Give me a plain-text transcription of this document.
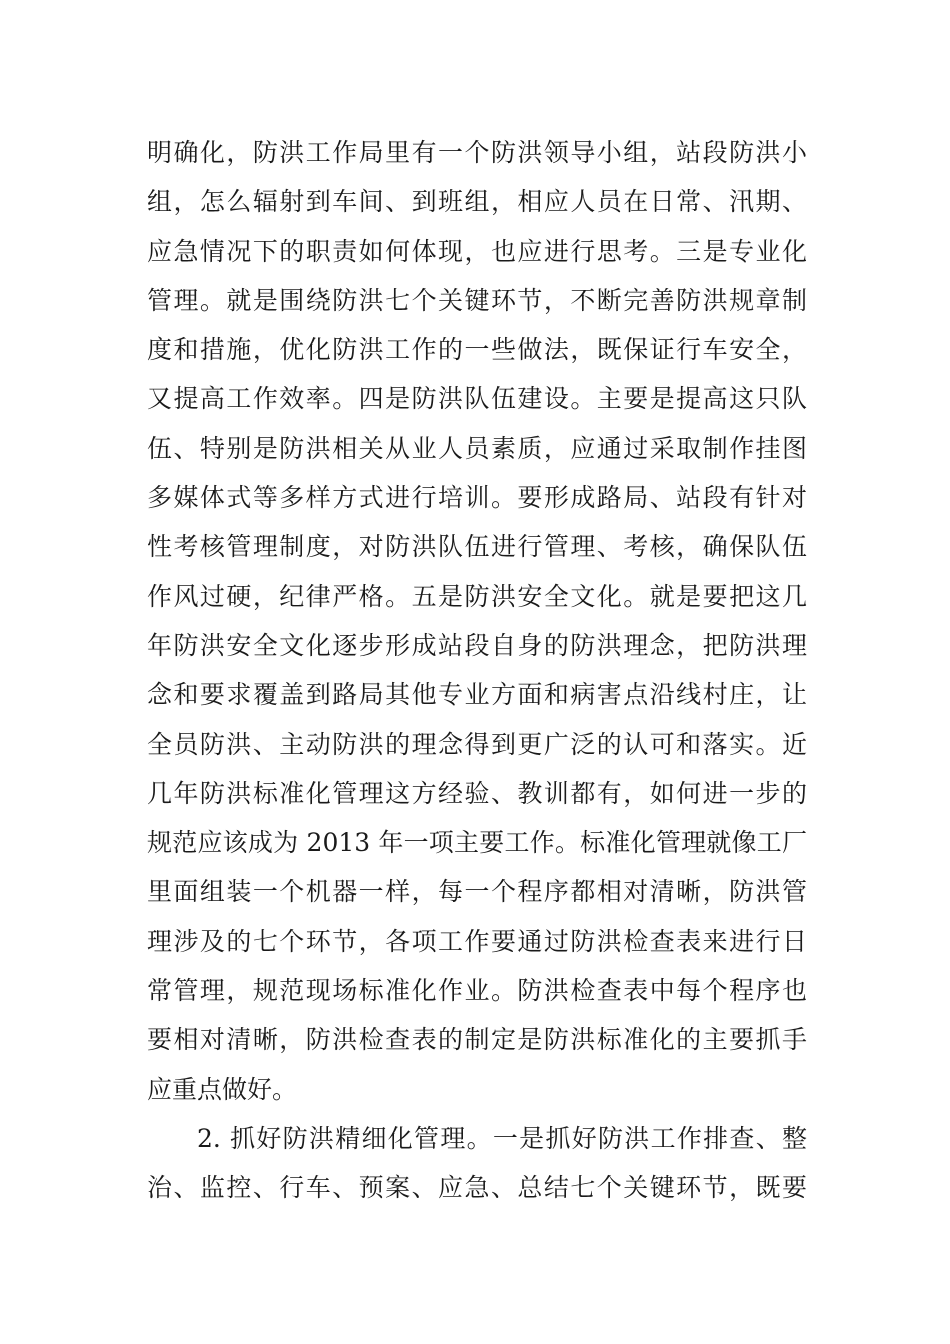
明确化，防洪工作局里有一个防洪领导小组，站段防洪小
组，怎么辐射到车间、到班组，相应人员在日常、汛期、
应急情况下的职责如何体现，也应进行思考。三是专业化
管理。就是围绕防洪七个关键环节，不断完善防洪规章制
度和措施，优化防洪工作的一些做法，既保证行车安全，
又提高工作效率。四是防洪队伍建设。主要是提高这只队
伍、特别是防洪相关从业人员素质，应通过采取制作挂图
多媒体式等多样方式进行培训。要形成路局、站段有针对
性考核管理制度，对防洪队伍进行管理、考核，确保队伍
作风过硬，纪律严格。五是防洪安全文化。就是要把这几
年防洪安全文化逐步形成站段自身的防洪理念，把防洪理
念和要求覆盖到路局其他专业方面和病害点沿线村庄，让
全员防洪、主动防洪的理念得到更广泛的认可和落实。近
几年防洪标准化管理这方经验、教训都有，如何进一步的
规范应该成为 2013 年一项主要工作。标准化管理就像工厂
里面组装一个机器一样，每一个程序都相对清晰，防洪管
理涉及的七个环节，各项工作要通过防洪检查表来进行日
常管理，规范现场标准化作业。防洪检查表中每个程序也
要相对清晰，防洪检查表的制定是防洪标准化的主要抓手
应重点做好。
2. 抓好防洪精细化管理。一是抓好防洪工作排查、整
治、监控、行车、预案、应急、总结七个关键环节，既要
